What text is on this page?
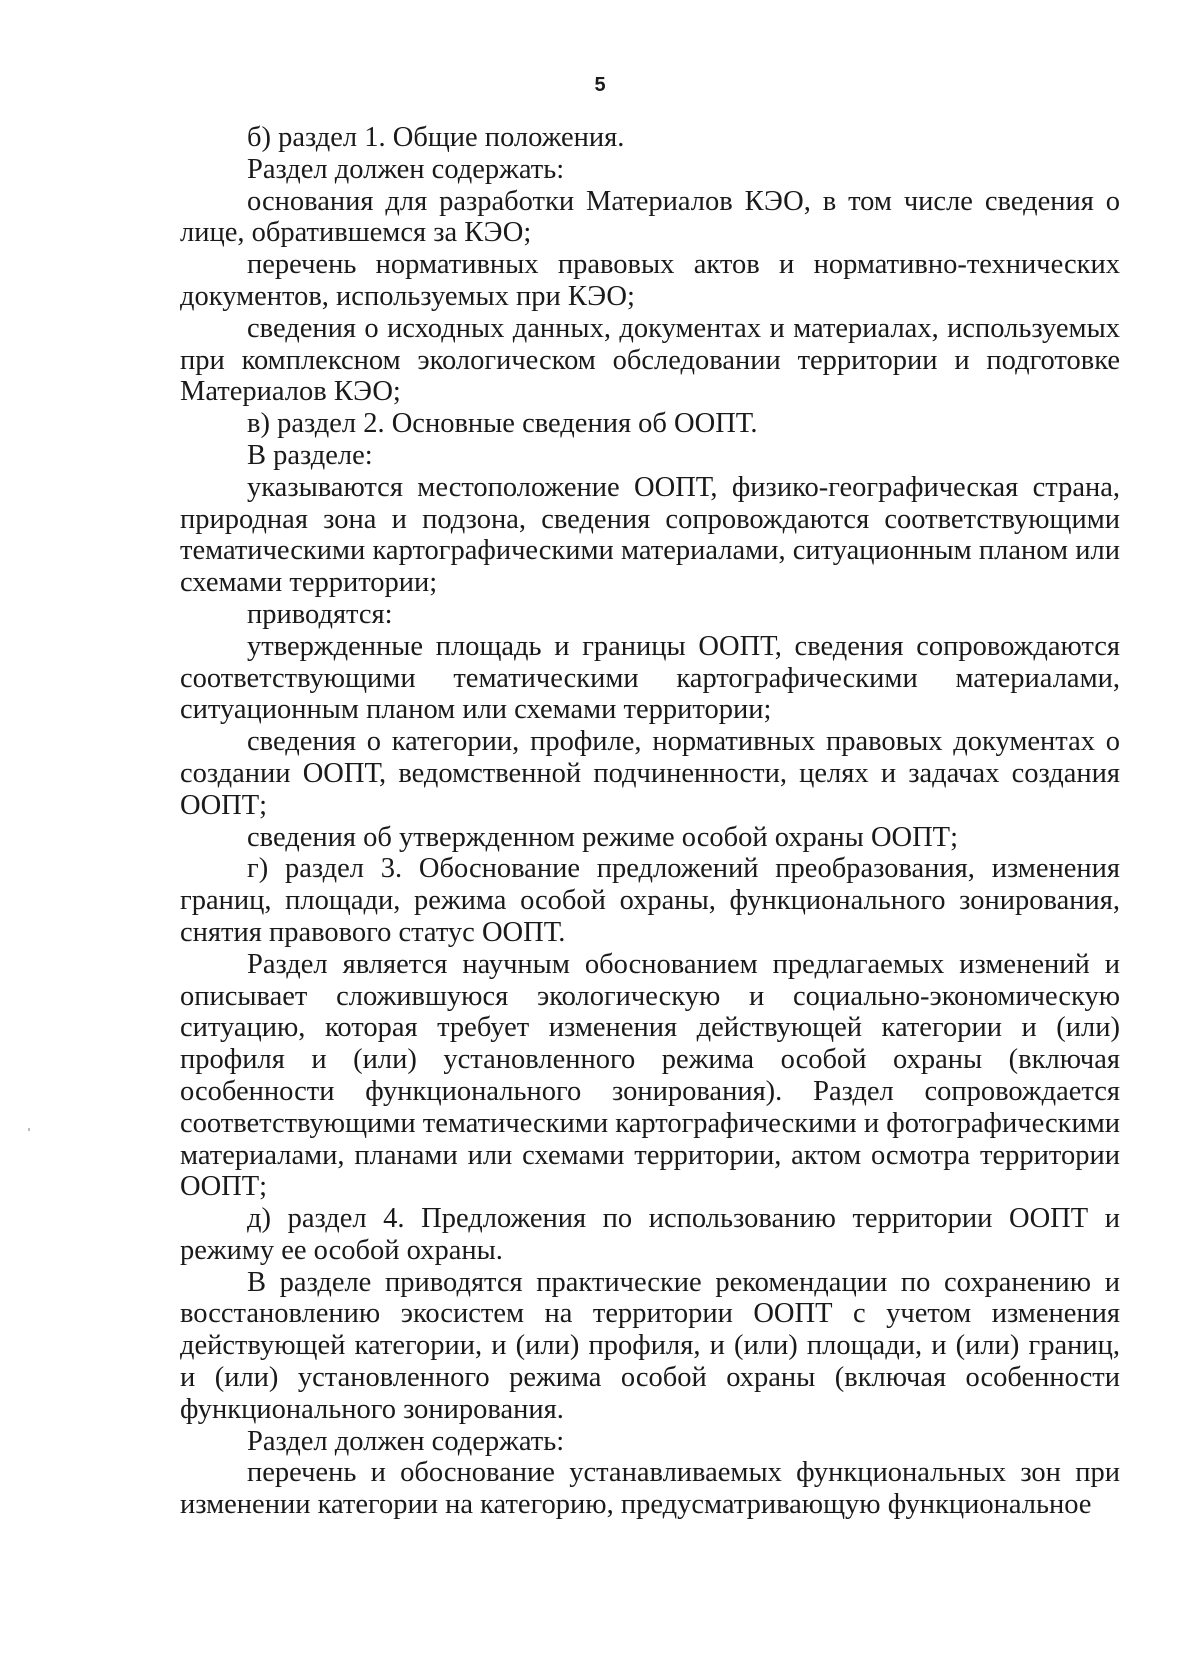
5

б) раздел 1. Общие положения.

Раздел должен содержать:

основания для разработки Материалов КЭО, в том числе сведения о лице, обратившемся за КЭО;

перечень нормативных правовых актов и нормативно-технических документов, используемых при КЭО;

сведения о исходных данных, документах и материалах, используемых при комплексном экологическом обследовании территории и подготовке Материалов КЭО;

в) раздел 2. Основные сведения об ООПТ.

В разделе:

указываются местоположение ООПТ, физико-географическая страна, природная зона и подзона, сведения сопровождаются соответствующими тематическими картографическими материалами, ситуационным планом или схемами территории;

приводятся:

утвержденные площадь и границы ООПТ, сведения сопровождаются соответствующими тематическими картографическими материалами, ситуационным планом или схемами территории;

сведения о категории, профиле, нормативных правовых документах о создании ООПТ, ведомственной подчиненности, целях и задачах создания ООПТ;

сведения об утвержденном режиме особой охраны ООПТ;

г) раздел 3. Обоснование предложений преобразования, изменения границ, площади, режима особой охраны, функционального зонирования, снятия правового статус ООПТ.

Раздел является научным обоснованием предлагаемых изменений и описывает сложившуюся экологическую и социально-экономическую ситуацию, которая требует изменения действующей категории и (или) профиля и (или) установленного режима особой охраны (включая особенности функционального зонирования). Раздел сопровождается соответствующими тематическими картографическими и фотографическими материалами, планами или схемами территории, актом осмотра территории ООПТ;

д) раздел 4. Предложения по использованию территории ООПТ и режиму ее особой охраны.

В разделе приводятся практические рекомендации по сохранению и восстановлению экосистем на территории ООПТ с учетом изменения действующей категории, и (или) профиля, и (или) площади, и (или) границ, и (или) установленного режима особой охраны (включая особенности функционального зонирования.

Раздел должен содержать:

перечень и обоснование устанавливаемых функциональных зон при изменении категории на категорию, предусматривающую функциональное
